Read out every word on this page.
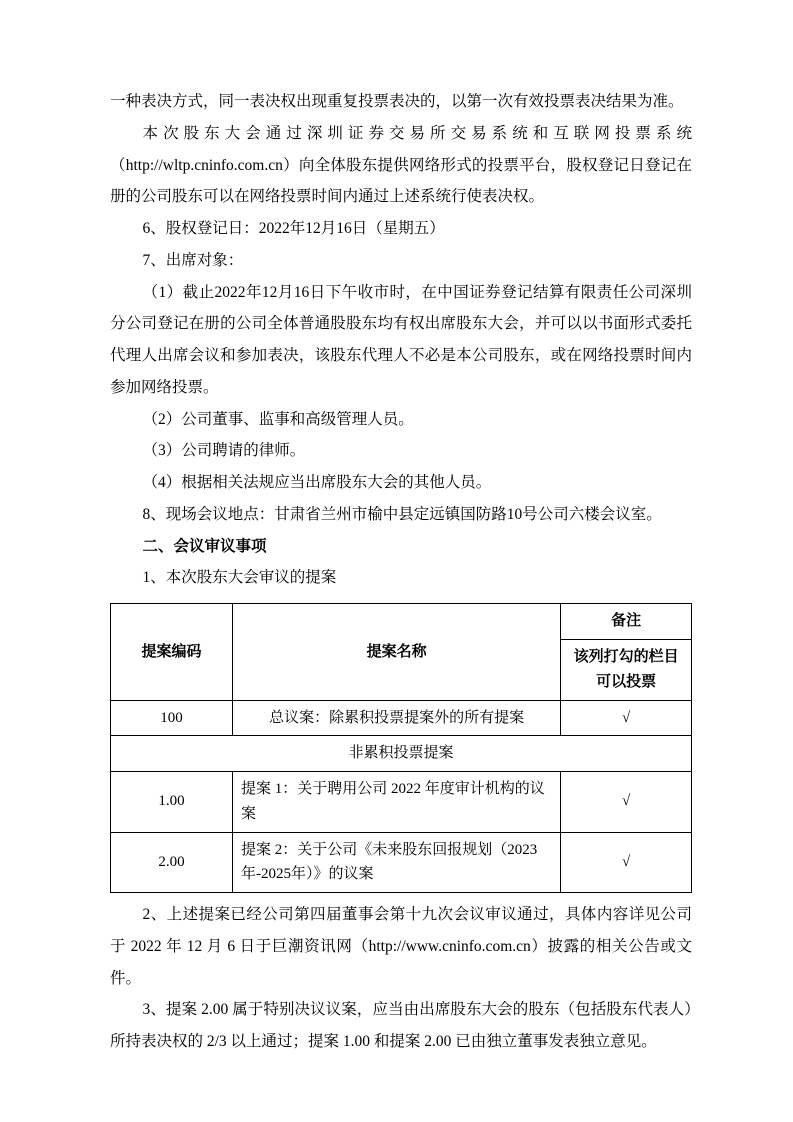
一种表决方式，同一表决权出现重复投票表决的，以第一次有效投票表决结果为准。

本次股东大会通过深圳证券交易所交易系统和互联网投票系统（http://wltp.cninfo.com.cn）向全体股东提供网络形式的投票平台，股权登记日登记在册的公司股东可以在网络投票时间内通过上述系统行使表决权。

6、股权登记日：2022年12月16日（星期五）

7、出席对象：

（1）截止2022年12月16日下午收市时，在中国证券登记结算有限责任公司深圳分公司登记在册的公司全体普通股股东均有权出席股东大会，并可以以书面形式委托代理人出席会议和参加表决，该股东代理人不必是本公司股东，或在网络投票时间内参加网络投票。

（2）公司董事、监事和高级管理人员。

（3）公司聘请的律师。

（4）根据相关法规应当出席股东大会的其他人员。

8、现场会议地点：甘肃省兰州市榆中县定远镇国防路10号公司六楼会议室。

二、会议审议事项

1、本次股东大会审议的提案

提案编码	提案名称	备注
		该列打勾的栏目可以投票
100	总议案：除累积投票提案外的所有提案	√
非累积投票提案		
1.00	提案 1：关于聘用公司 2022 年度审计机构的议案	√
2.00	提案 2：关于公司《未来股东回报规划（2023年-2025年）》的议案	√

2、上述提案已经公司第四届董事会第十九次会议审议通过，具体内容详见公司于 2022 年 12 月 6 日于巨潮资讯网（http://www.cninfo.com.cn）披露的相关公告或文件。

3、提案 2.00 属于特别决议议案，应当由出席股东大会的股东（包括股东代表人）所持表决权的 2/3 以上通过；提案 1.00 和提案 2.00 已由独立董事发表独立意见。
